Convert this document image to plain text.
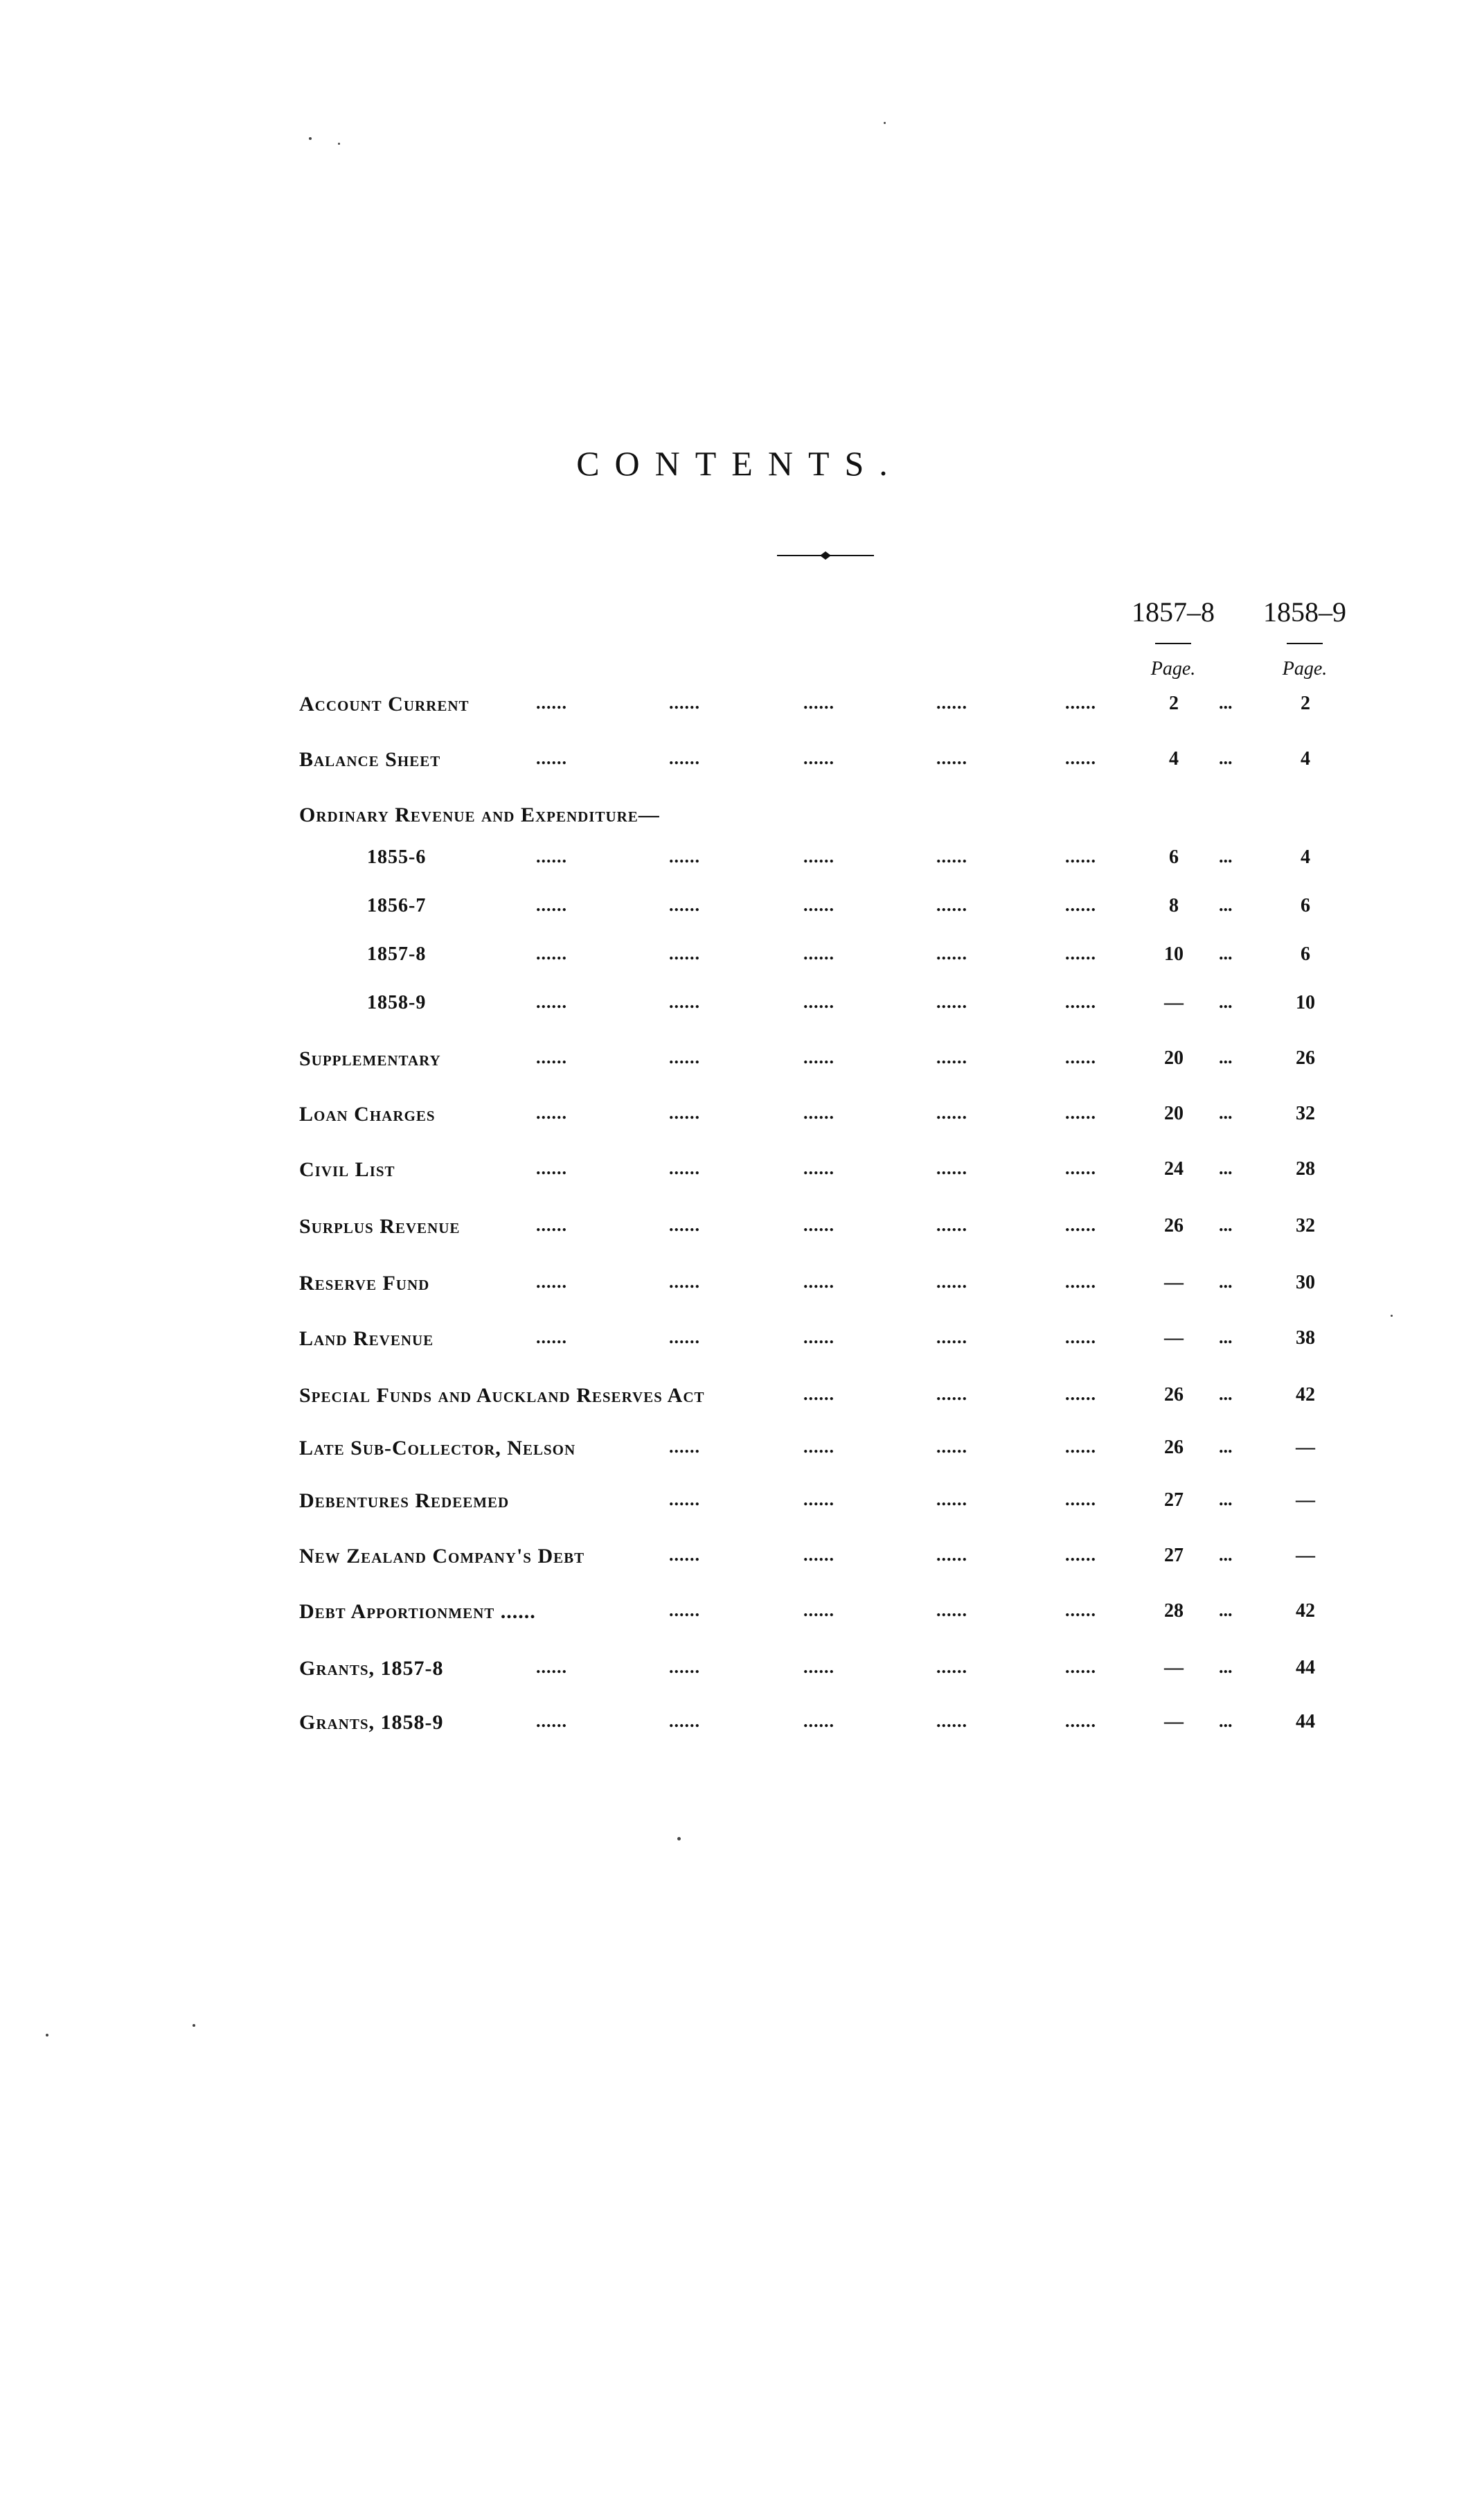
CONTENTS.
1857–8	1858–9
Page.	Page.
Account Current	......	......	......	......	......	2	...	2
Balance Sheet	......	......	......	......	......	4	...	4
Ordinary Revenue and Expenditure—
1855-6	......	......	......	......	......	6	...	4
1856-7	......	......	......	......	......	8	...	6
1857-8	......	......	......	......	......	10	...	6
1858-9	......	......	......	......	......	—	...	10
Supplementary	......	......	......	......	......	20	...	26
Loan Charges	......	......	......	......	......	20	...	32
Civil List	......	......	......	......	......	24	...	28
Surplus Revenue	......	......	......	......	......	26	...	32
Reserve Fund	......	......	......	......	......	—	...	30
Land Revenue	......	......	......	......	......	—	...	38
Special Funds and Auckland Reserves Act	......	......	......	26	...	42
Late Sub-Collector, Nelson	......	......	......	......	26	...	—
Debentures Redeemed	......	......	......	......	27	...	—
New Zealand Company's Debt	......	......	......	......	27	...	—
Debt Apportionment ......	......	......	......	......	28	...	42
Grants, 1857-8	......	......	......	......	......	—	...	44
Grants, 1858-9	......	......	......	......	......	—	...	44
